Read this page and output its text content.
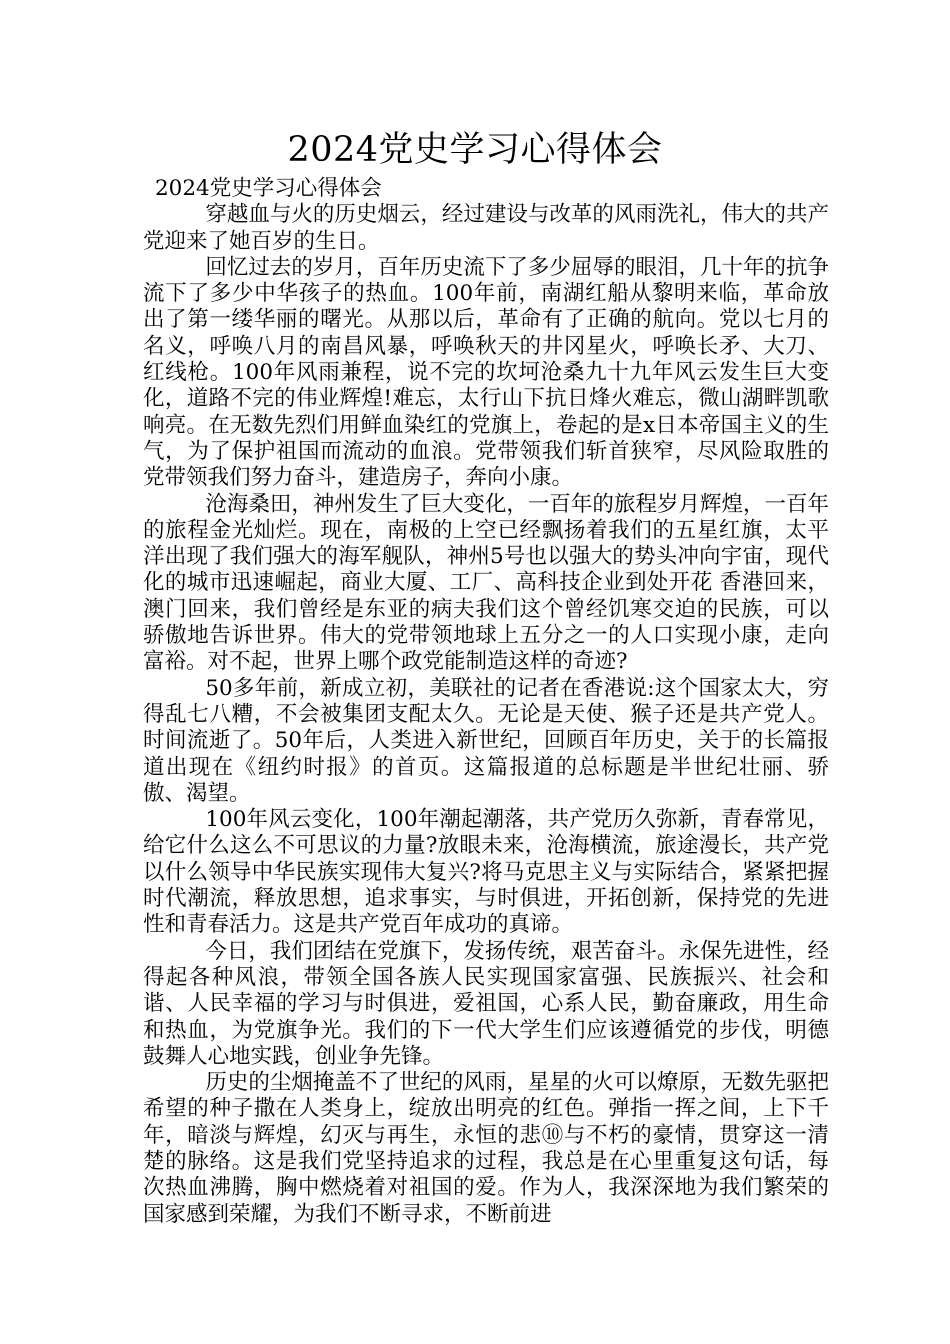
2024党史学习心得体会

2024党史学习心得体会

穿越血与火的历史烟云，经过建设与改革的风雨洗礼，伟大的共产党迎来了她百岁的生日。

回忆过去的岁月，百年历史流下了多少屈辱的眼泪，几十年的抗争流下了多少中华孩子的热血。100年前，南湖红船从黎明来临，革命放出了第一缕华丽的曙光。从那以后，革命有了正确的航向。党以七月的名义，呼唤八月的南昌风暴，呼唤秋天的井冈星火，呼唤长矛、大刀、红线枪。100年风雨兼程，说不完的坎坷沧桑九十九年风云发生巨大变化，道路不完的伟业辉煌!难忘，太行山下抗日烽火难忘，微山湖畔凯歌响亮。在无数先烈们用鲜血染红的党旗上，卷起的是x日本帝国主义的生气，为了保护祖国而流动的血浪。党带领我们斩首狭窄，尽风险取胜的党带领我们努力奋斗，建造房子，奔向小康。

沧海桑田，神州发生了巨大变化，一百年的旅程岁月辉煌，一百年的旅程金光灿烂。现在，南极的上空已经飘扬着我们的五星红旗，太平洋出现了我们强大的海军舰队，神州5号也以强大的势头冲向宇宙，现代化的城市迅速崛起，商业大厦、工厂、高科技企业到处开花 香港回来，澳门回来，我们曾经是东亚的病夫我们这个曾经饥寒交迫的民族，可以骄傲地告诉世界。伟大的党带领地球上五分之一的人口实现小康，走向富裕。对不起，世界上哪个政党能制造这样的奇迹?

50多年前，新成立初，美联社的记者在香港说:这个国家太大，穷得乱七八糟，不会被集团支配太久。无论是天使、猴子还是共产党人。时间流逝了。50年后，人类进入新世纪，回顾百年历史，关于的长篇报道出现在《纽约时报》的首页。这篇报道的总标题是半世纪壮丽、骄傲、渴望。

100年风云变化，100年潮起潮落，共产党历久弥新，青春常见，给它什么这么不可思议的力量?放眼未来，沧海横流，旅途漫长，共产党以什么领导中华民族实现伟大复兴?将马克思主义与实际结合，紧紧把握时代潮流，释放思想，追求事实，与时俱进，开拓创新，保持党的先进性和青春活力。这是共产党百年成功的真谛。

今日，我们团结在党旗下，发扬传统，艰苦奋斗。永保先进性，经得起各种风浪，带领全国各族人民实现国家富强、民族振兴、社会和谐、人民幸福的学习与时俱进，爱祖国，心系人民，勤奋廉政，用生命和热血，为党旗争光。我们的下一代大学生们应该遵循党的步伐，明德鼓舞人心地实践，创业争先锋。

历史的尘烟掩盖不了世纪的风雨，星星的火可以燎原，无数先驱把希望的种子撒在人类身上，绽放出明亮的红色。弹指一挥之间，上下千年，暗淡与辉煌，幻灭与再生，永恒的悲⑩与不朽的豪情，贯穿这一清楚的脉络。这是我们党坚持追求的过程，我总是在心里重复这句话，每次热血沸腾，胸中燃烧着对祖国的爱。作为人，我深深地为我们繁荣的国家感到荣耀，为我们不断寻求，不断前进
